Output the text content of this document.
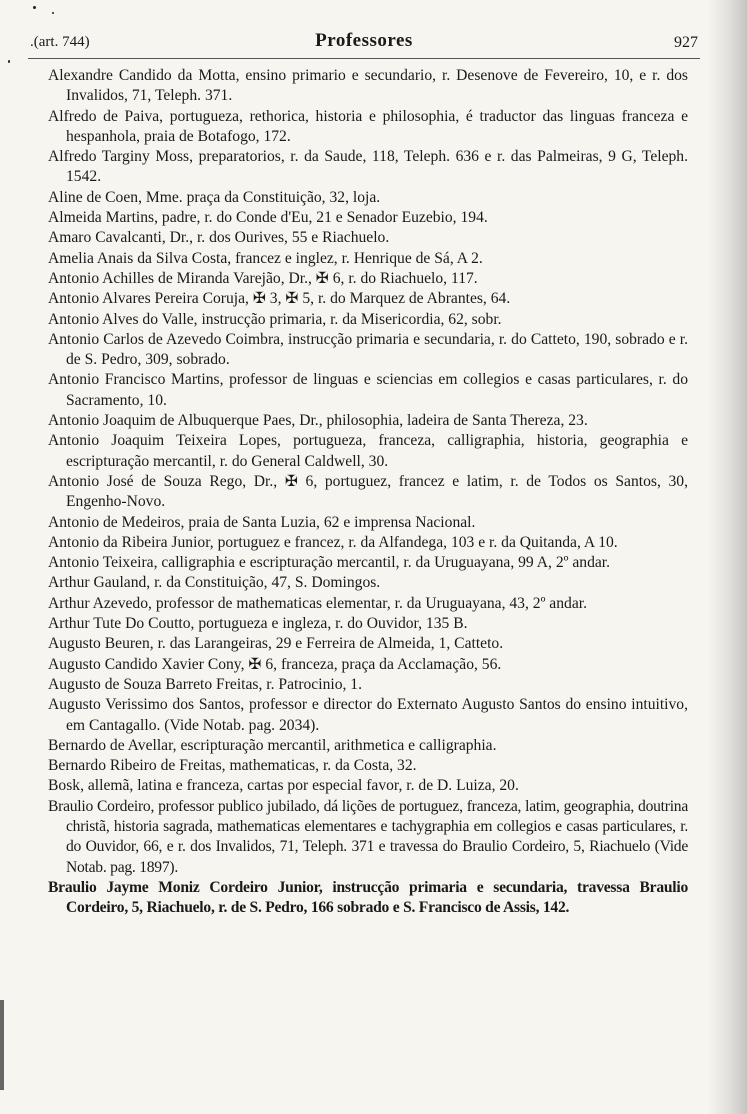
.(art. 744)	Professores	927

Alexandre Candido da Motta, ensino primario e secundario, r. Desenove de Fevereiro, 10, e r. dos Invalidos, 71, Teleph. 371.

Alfredo de Paiva, portugueza, rethorica, historia e philosophia, é traductor das linguas franceza e hespanhola, praia de Botafogo, 172.

Alfredo Targiny Moss, preparatorios, r. da Saude, 118, Teleph. 636 e r. das Palmeiras, 9 G, Teleph. 1542.

Aline de Coen, Mme. praça da Constituição, 32, loja.

Almeida Martins, padre, r. do Conde d'Eu, 21 e Senador Euzebio, 194.

Amaro Cavalcanti, Dr., r. dos Ourives, 55 e Riachuelo.

Amelia Anais da Silva Costa, francez e inglez, r. Henrique de Sá, A 2.

Antonio Achilles de Miranda Varejão, Dr., ✠ 6, r. do Riachuelo, 117.

Antonio Alvares Pereira Coruja, ✠ 3, ✠ 5, r. do Marquez de Abrantes, 64.

Antonio Alves do Valle, instrucção primaria, r. da Misericordia, 62, sobr.

Antonio Carlos de Azevedo Coimbra, instrucção primaria e secundaria, r. do Catteto, 190, sobrado e r. de S. Pedro, 309, sobrado.

Antonio Francisco Martins, professor de linguas e sciencias em collegios e casas particulares, r. do Sacramento, 10.

Antonio Joaquim de Albuquerque Paes, Dr., philosophia, ladeira de Santa Thereza, 23.

Antonio Joaquim Teixeira Lopes, portugueza, franceza, calligraphia, historia, geographia e escripturação mercantil, r. do General Caldwell, 30.

Antonio José de Souza Rego, Dr., ✠ 6, portuguez, francez e latim, r. de Todos os Santos, 30, Engenho-Novo.

Antonio de Medeiros, praia de Santa Luzia, 62 e imprensa Nacional.

Antonio da Ribeira Junior, portuguez e francez, r. da Alfandega, 103 e r. da Quitanda, A 10.

Antonio Teixeira, calligraphia e escripturação mercantil, r. da Uruguayana, 99 A, 2º andar.

Arthur Gauland, r. da Constituição, 47, S. Domingos.

Arthur Azevedo, professor de mathematicas elementar, r. da Uruguayana, 43, 2º andar.

Arthur Tute Do Coutto, portugueza e ingleza, r. do Ouvidor, 135 B.

Augusto Beuren, r. das Larangeiras, 29 e Ferreira de Almeida, 1, Catteto.

Augusto Candido Xavier Cony, ✠ 6, franceza, praça da Acclamação, 56.

Augusto de Souza Barreto Freitas, r. Patrocinio, 1.

Augusto Verissimo dos Santos, professor e director do Externato Augusto Santos do ensino intuitivo, em Cantagallo. (Vide Notab. pag. 2034).

Bernardo de Avellar, escripturação mercantil, arithmetica e calligraphia.

Bernardo Ribeiro de Freitas, mathematicas, r. da Costa, 32.

Bosk, allemã, latina e franceza, cartas por especial favor, r. de D. Luiza, 20.

Braulio Cordeiro, professor publico jubilado, dá lições de portuguez, franceza, latim, geographia, doutrina christã, historia sagrada, mathematicas elementares e tachygraphia em collegios e casas particulares, r. do Ouvidor, 66, e r. dos Invalidos, 71, Teleph. 371 e travessa do Braulio Cordeiro, 5, Riachuelo (Vide Notab. pag. 1897).

Braulio Jayme Moniz Cordeiro Junior, instrucção primaria e secundaria, travessa Braulio Cordeiro, 5, Riachuelo, r. de S. Pedro, 166 sobrado e S. Francisco de Assis, 142.
